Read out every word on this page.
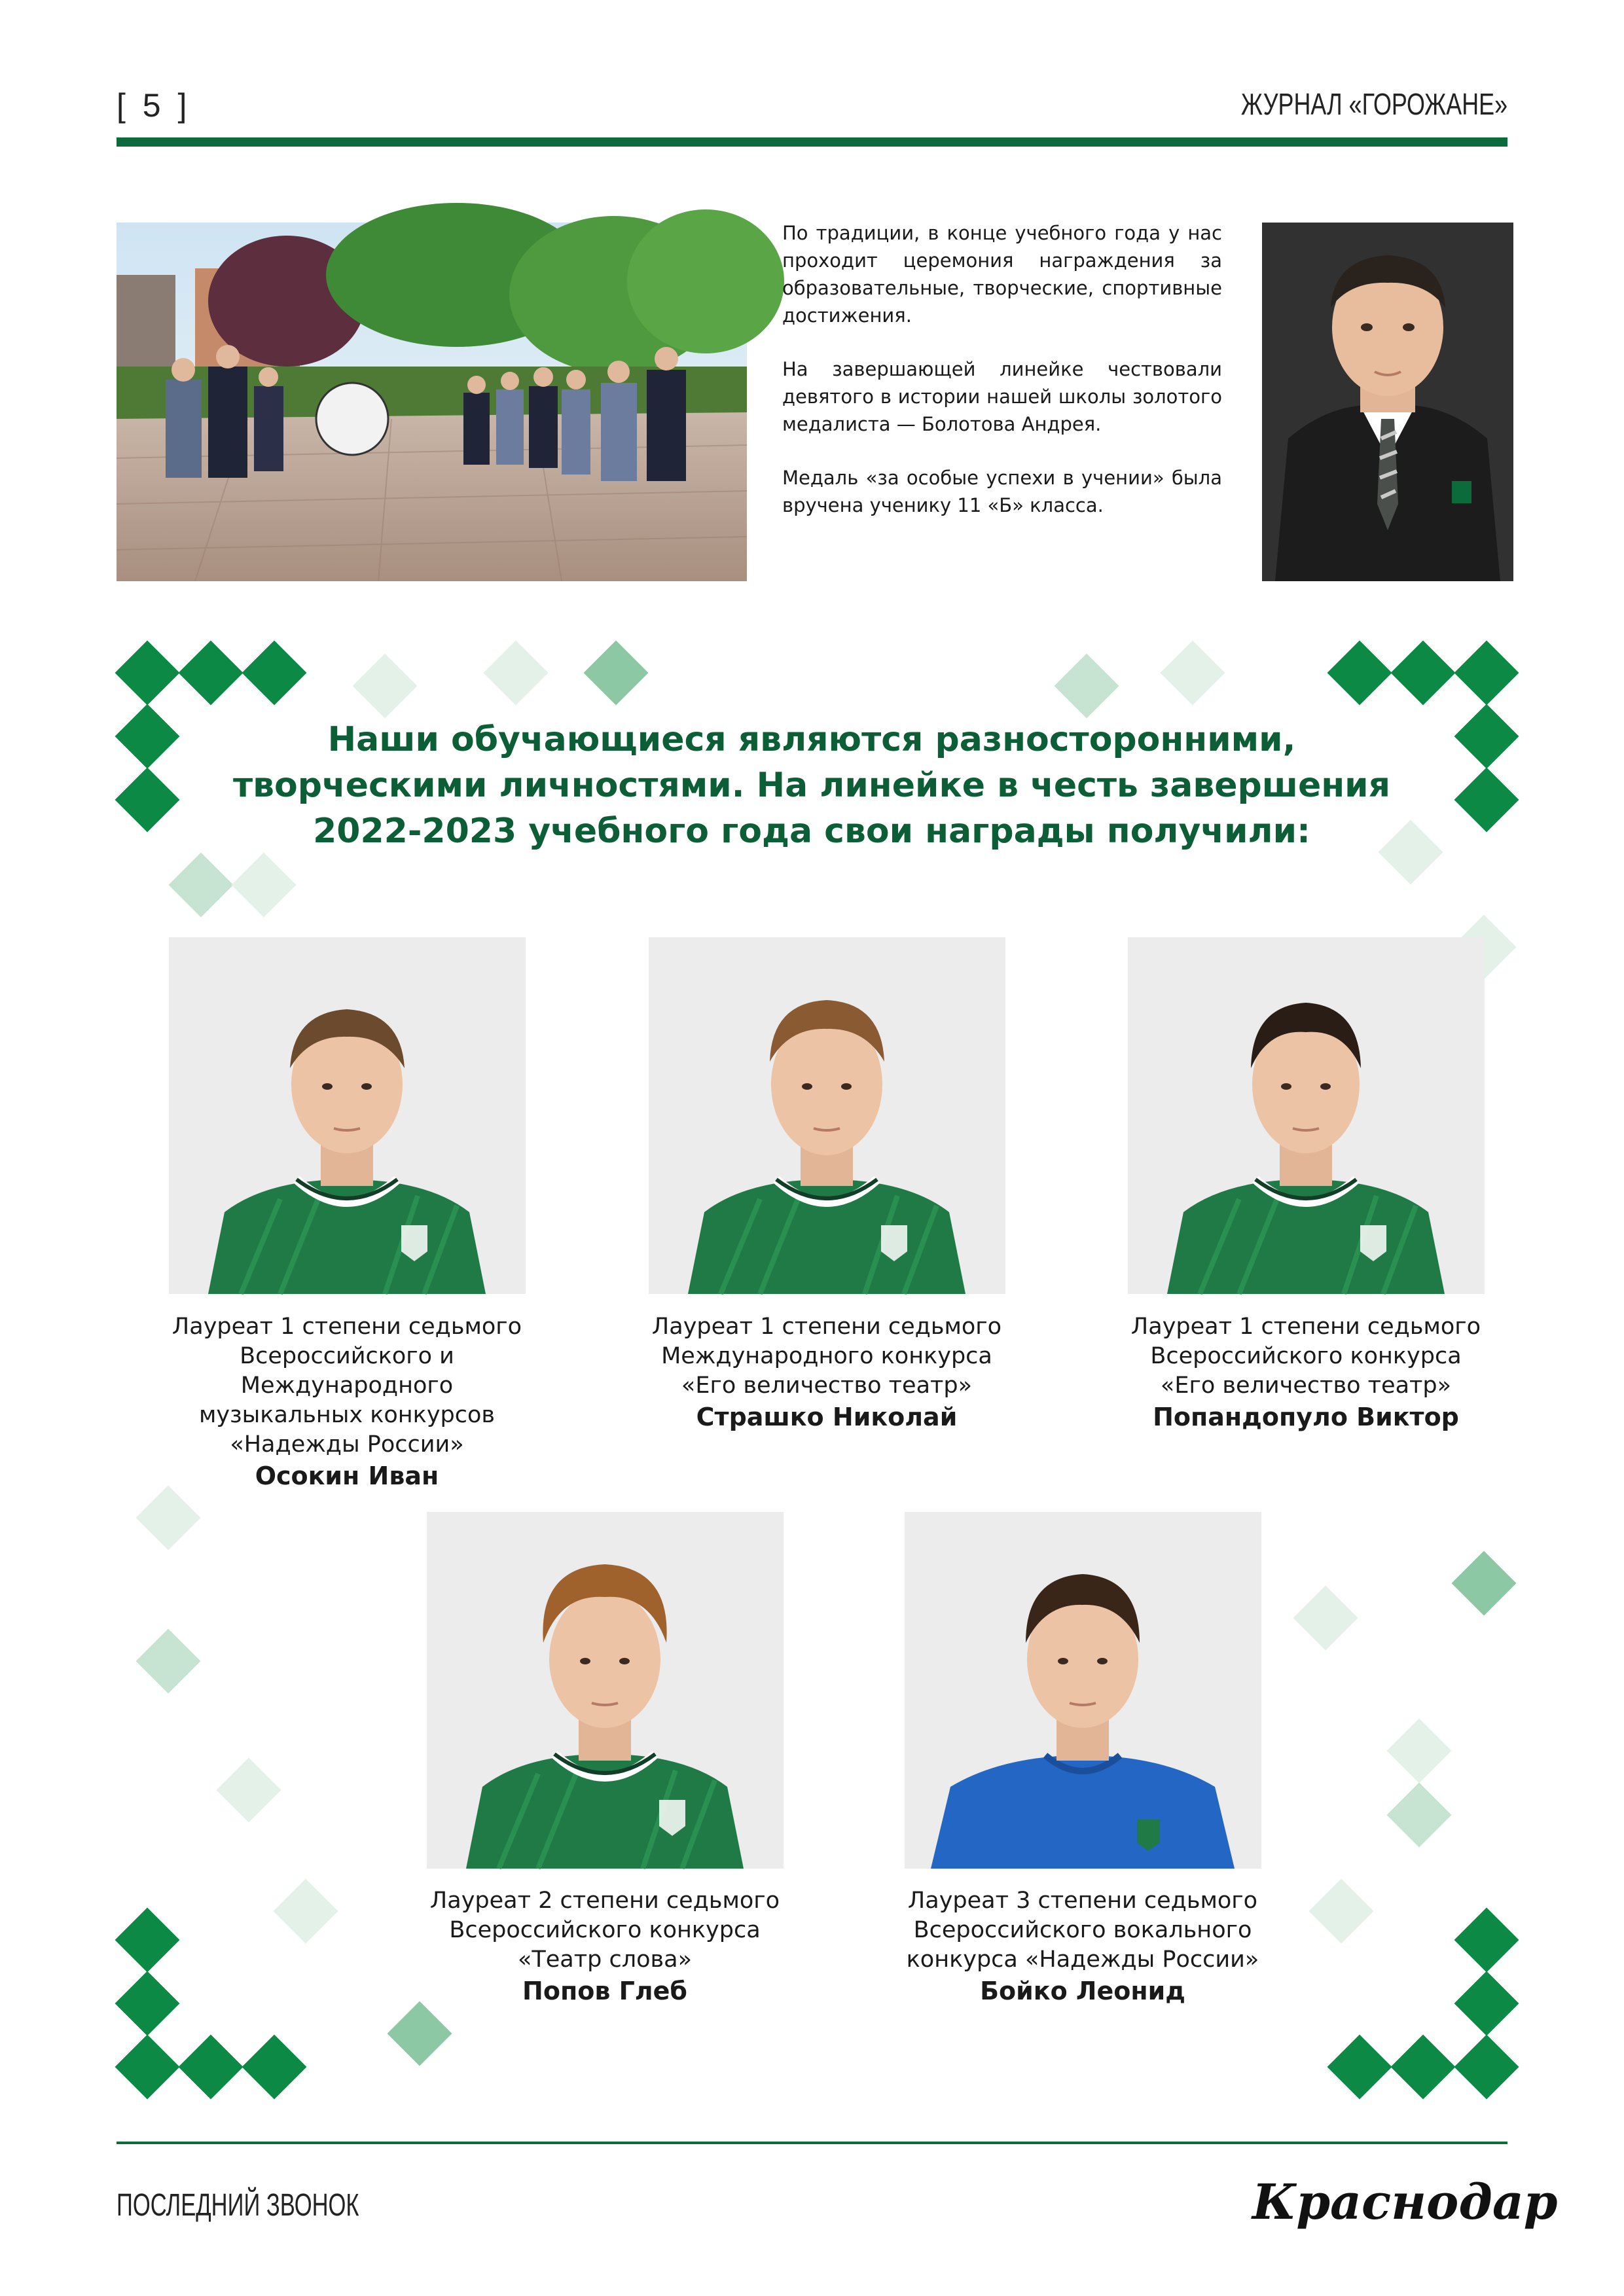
[ 5 ]	ЖУРНАЛ «ГОРОЖАНЕ»

По традиции, в конце учебного года у нас проходит церемония награждения за образовательные, творческие, спортивные достижения.

На завершающей линейке чествовали девятого в истории нашей школы золотого медалиста — Болотова Андрея.

Медаль «за особые успехи в учении» была вручена ученику 11 «Б» класса.

Наши обучающиеся являются разносторонними,
творческими личностями. На линейке в честь завершения
2022-2023 учебного года свои награды получили:
Лауреат 1 степени седьмого
Всероссийского и Международного
музыкальных конкурсов
«Надежды России»
Осокин Иван
Лауреат 1 степени седьмого
Международного конкурса
«Его величество театр»
Страшко Николай
Лауреат 1 степени седьмого
Всероссийского конкурса
«Его величество театр»
Попандопуло Виктор
Лауреат 2 степени седьмого
Всероссийского конкурса
«Театр слова»
Попов Глеб
Лауреат 3 степени седьмого
Всероссийского вокального
конкурса «Надежды России»
Бойко Леонид
ПОСЛЕДНИЙ ЗВОНОК	Краснодар
